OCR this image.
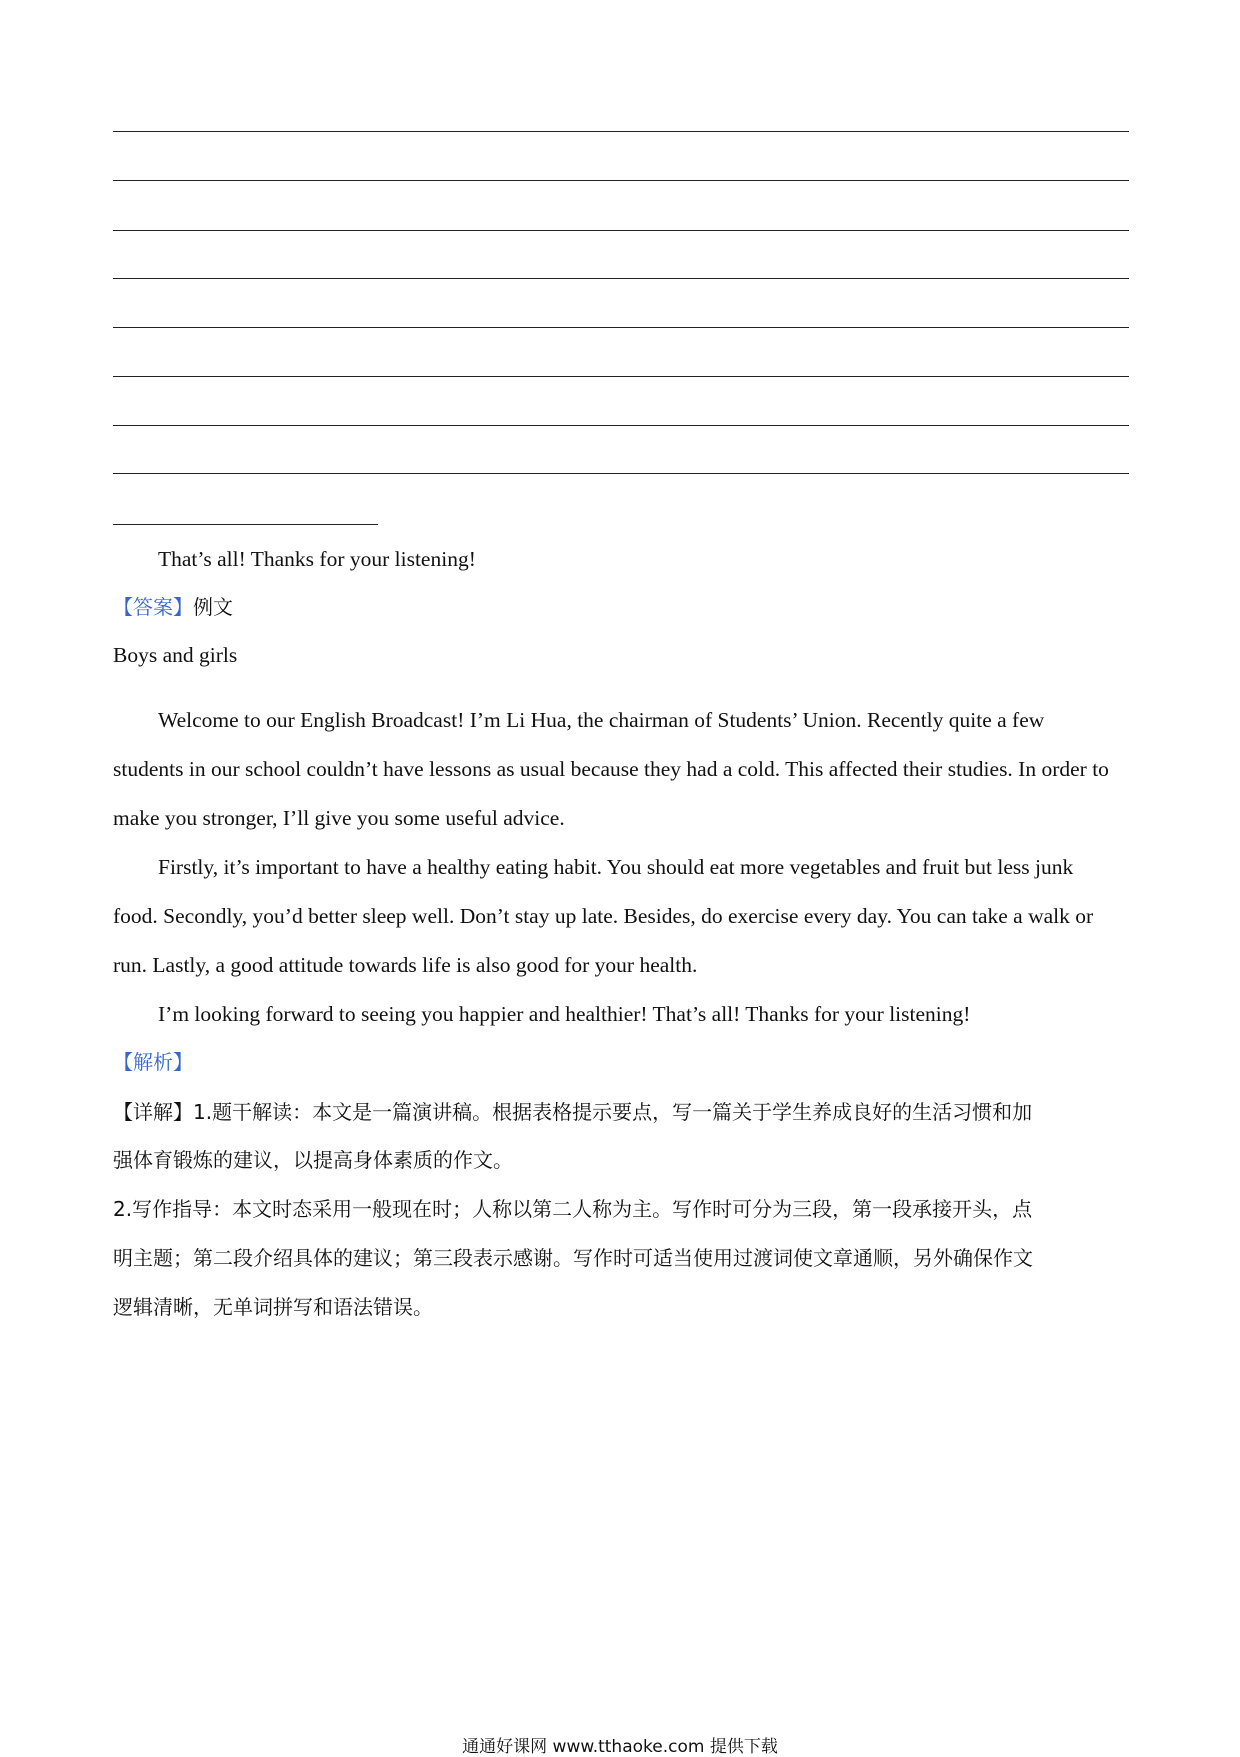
That’s all! Thanks for your listening!
【答案】例文
Boys and girls
Welcome to our English Broadcast! I’m Li Hua, the chairman of Students’ Union. Recently quite a few
students in our school couldn’t have lessons as usual because they had a cold. This affected their studies. In order to
make you stronger, I’ll give you some useful advice.
Firstly, it’s important to have a healthy eating habit. You should eat more vegetables and fruit but less junk
food. Secondly, you’d better sleep well. Don’t stay up late. Besides, do exercise every day. You can take a walk or
run. Lastly, a good attitude towards life is also good for your health.
I’m looking forward to seeing you happier and healthier! That’s all! Thanks for your listening!
【解析】
【详解】1.题干解读：本文是一篇演讲稿。根据表格提示要点，写一篇关于学生养成良好的生活习惯和加
强体育锻炼的建议，以提高身体素质的作文。
2.写作指导：本文时态采用一般现在时；人称以第二人称为主。写作时可分为三段，第一段承接开头，点
明主题；第二段介绍具体的建议；第三段表示感谢。写作时可适当使用过渡词使文章通顺，另外确保作文
逻辑清晰，无单词拼写和语法错误。
通通好课网 www.tthaoke.com 提供下载
